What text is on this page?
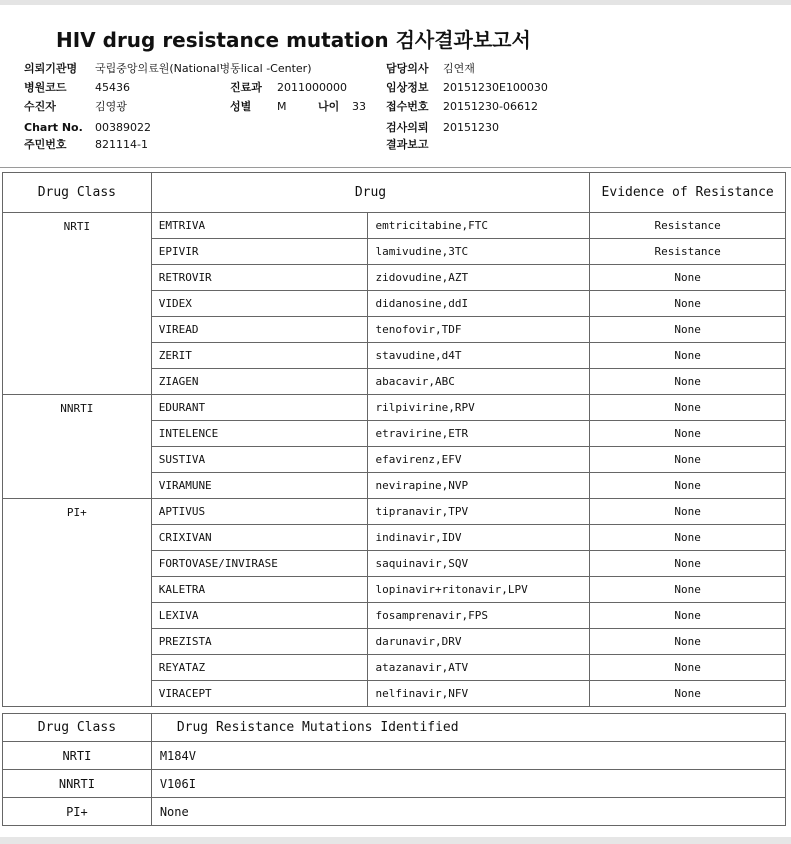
HIV drug resistance mutation 검사결과보고서
의뢰기관명 국립중앙의료원(National병동lical -Center)	담당의사 김연재
병원코드	45436	진료과 2011000000	임상정보 20151230E100030
수진자	김영광	성별 M	나이 33 접수번호 20151230-06612
Chart No. 00389022	검사의뢰 20151230
주민번호	821114-1	결과보고
Drug Class	Drug		Evidence of Resistance
NRTI	EMTRIVA	emtricitabine,FTC	Resistance
	EPIVIR	lamivudine,3TC	Resistance
	RETROVIR	zidovudine,AZT	None
	VIDEX	didanosine,ddI	None
	VIREAD	tenofovir,TDF	None
	ZERIT	stavudine,d4T	None
	ZIAGEN	abacavir,ABC	None
NNRTI	EDURANT	rilpivirine,RPV	None
	INTELENCE	etravirine,ETR	None
	SUSTIVA	efavirenz,EFV	None
	VIRAMUNE	nevirapine,NVP	None
PI+	APTIVUS	tipranavir,TPV	None
	CRIXIVAN	indinavir,IDV	None
	FORTOVASE/INVIRASE	saquinavir,SQV	None
	KALETRA	lopinavir+ritonavir,LPV	None
	LEXIVA	fosamprenavir,FPS	None
	PREZISTA	darunavir,DRV	None
	REYATAZ	atazanavir,ATV	None
	VIRACEPT	nelfinavir,NFV	None
Drug Class	Drug Resistance Mutations Identified
NRTI	M184V
NNRTI	V106I
PI+	None
